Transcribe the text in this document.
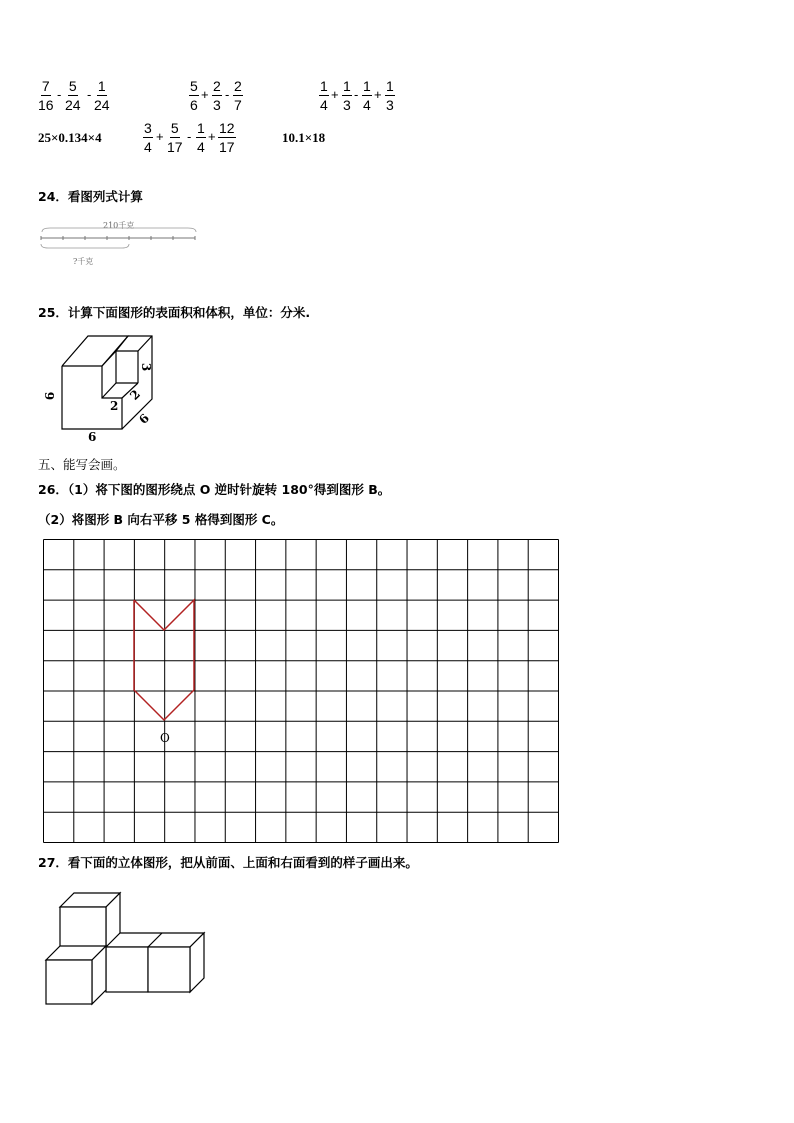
$\frac{7}{16} - \frac{5}{24} - \frac{1}{24}$	$\frac{5}{6} + \frac{2}{3} - \frac{2}{7}$	$\frac{1}{4} + \frac{1}{3} - \frac{1}{4} + \frac{1}{3}$
25×0.134×4	$\frac{3}{4} + \frac{5}{17} - \frac{1}{4} + \frac{12}{17}$	10.1×18
24．看图列式计算
210千克
?千克
25．计算下面图形的表面积和体积，单位：分米.
6
6
6
3
2
2
五、能写会画。
26．（1）将下图的图形绕点 O 逆时针旋转 180°得到图形 B。
（2）将图形 B 向右平移 5 格得到图形 C。
O
27．看下面的立体图形，把从前面、上面和右面看到的样子画出来。
